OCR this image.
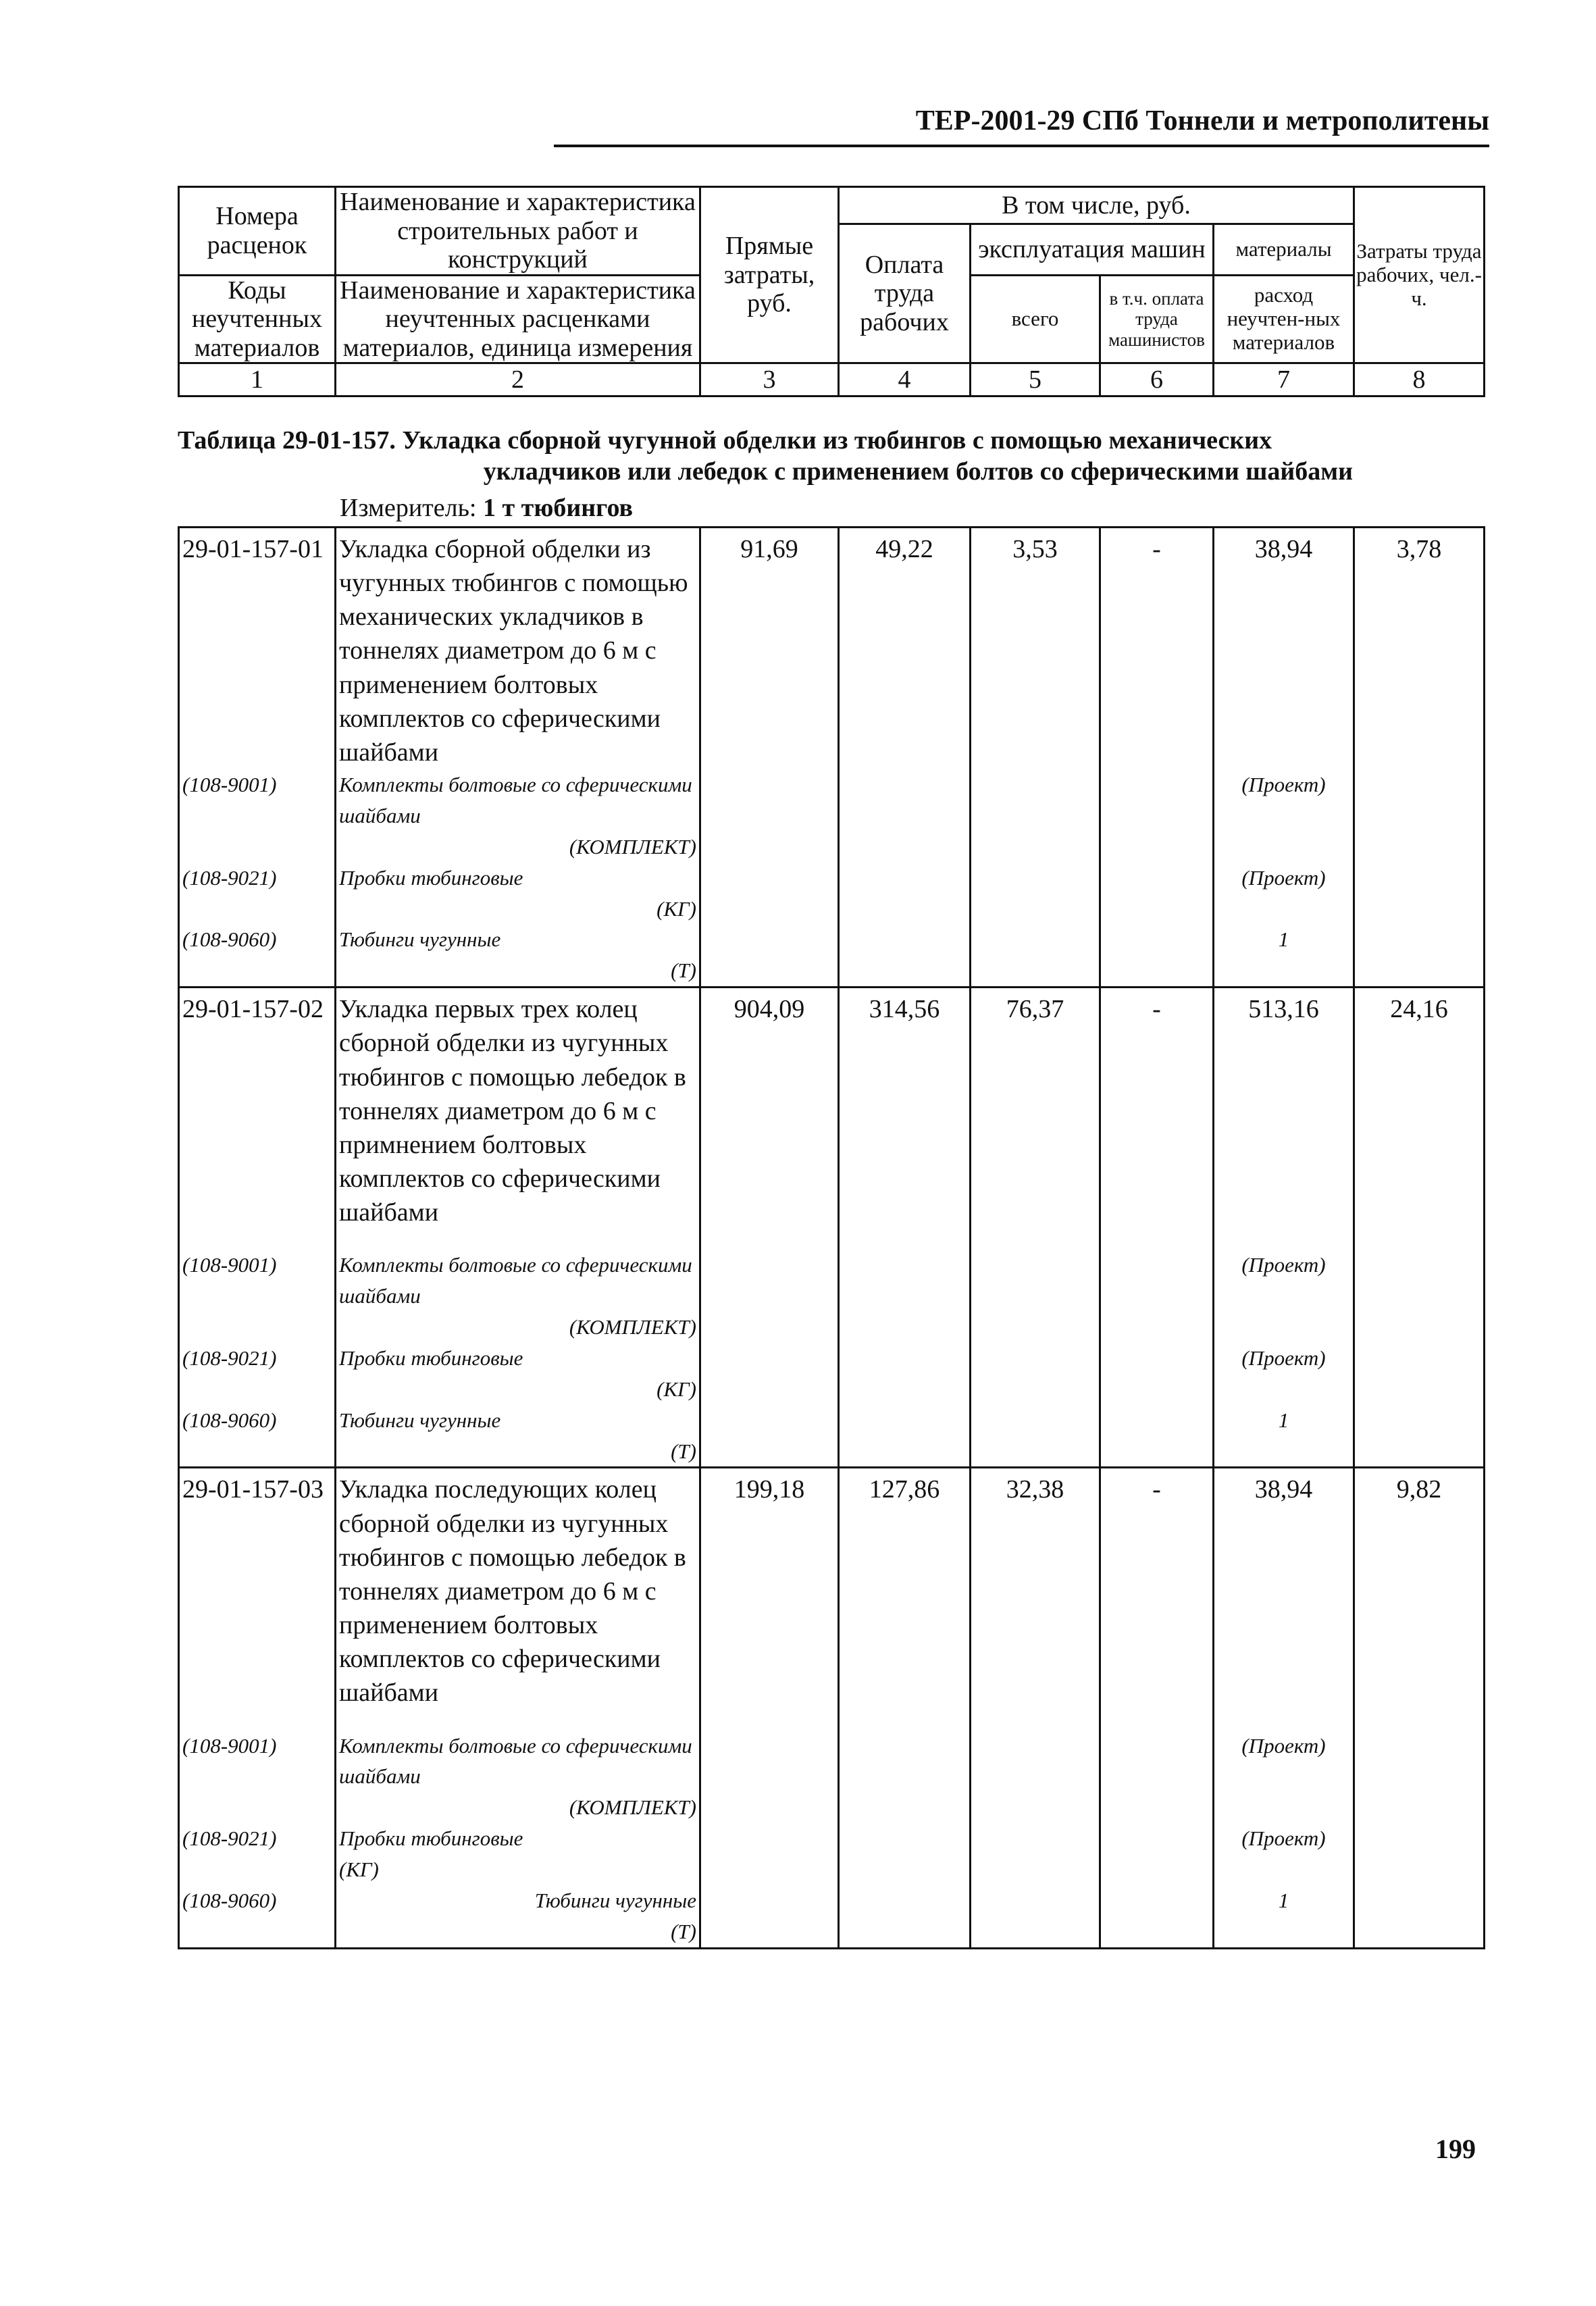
ТЕР-2001-29 СПб Тоннели и метрополитены
Номера расценок	Наименование и характеристика строительных работ и конструкций	Прямые затраты, руб.	В том числе, руб.				Затраты труда рабочих, чел.-ч.
			Оплата труда рабочих	эксплуатация машин		материалы	
Коды неучтенных материалов	Наименование и характеристика неучтенных расценками материалов, единица измерения			всего	в т.ч. оплата труда машинистов	расход неучтен-ных материалов	

1	2	3	4	5	6	7	8
Таблица 29-01-157. Укладка сборной чугунной обделки из тюбингов с помощью механических
укладчиков или лебедок с применением болтов со сферическими шайбами
Измеритель: 1 т тюбингов
29-01-157-01	Укладка сборной обделки из чугунных тюбингов с помощью механических укладчиков в тоннелях диаметром до 6 м с применением болтовых комплектов со сферическими шайбами	91,69	49,22	3,53	-	38,94	3,78

(108-9001)	Комплекты болтовые со сферическими шайбами
(КОМПЛЕКТ)					(Проект)	

(108-9021)	Пробки тюбинговые
(КГ)					(Проект)	

(108-9060)	Тюбинги чугунные
(Т)					1	

29-01-157-02	Укладка первых трех колец сборной обделки из чугунных тюбингов с помощью лебедок в тоннелях диаметром до 6 м с примнением болтовых комплектов со сферическими шайбами	904,09	314,56	76,37	-	513,16	24,16

(108-9001)	Комплекты болтовые со сферическими шайбами
(КОМПЛЕКТ)					(Проект)	

(108-9021)	Пробки тюбинговые
(КГ)					(Проект)	

(108-9060)	Тюбинги чугунные
(Т)					1	

29-01-157-03	Укладка последующих колец сборной обделки из чугунных тюбингов с помощью лебедок в тоннелях диаметром до 6 м с применением болтовых комплектов со сферическими шайбами	199,18	127,86	32,38	-	38,94	9,82

(108-9001)	Комплекты болтовые со сферическими шайбами
(КОМПЛЕКТ)					(Проект)	

(108-9021)	Пробки тюбинговые
(КГ)					(Проект)	

(108-9060)	Тюбинги чугунные
(Т)					1	

199
